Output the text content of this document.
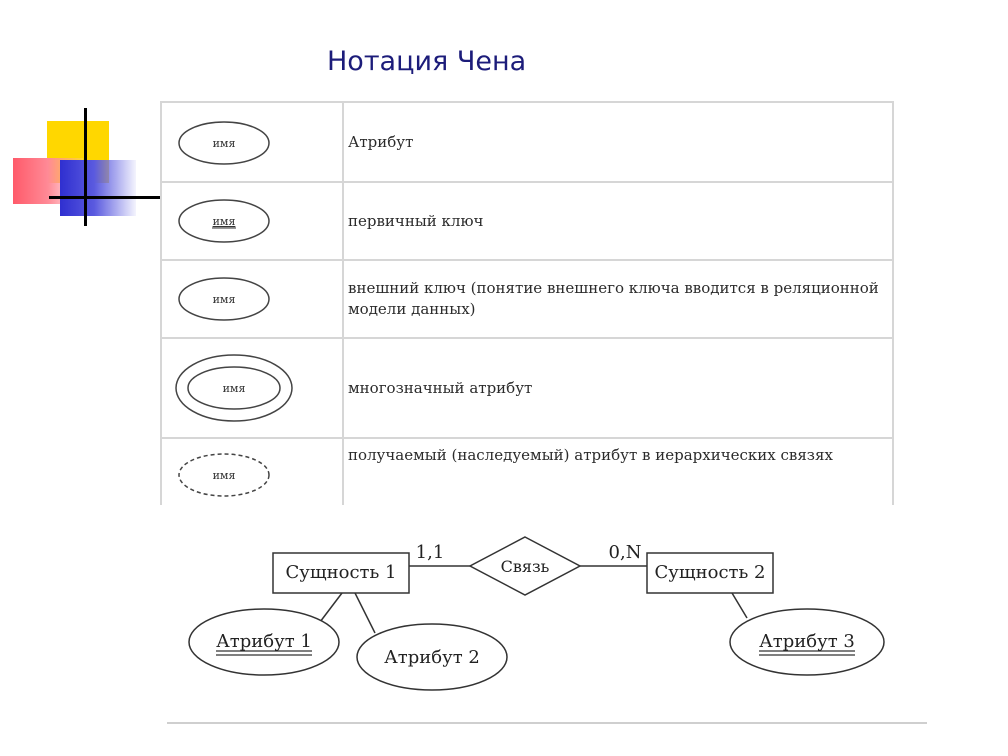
Нотация Чена
имя	Атрибут

имя	первичный ключ

имя	внешний ключ (понятие внешнего ключа вводится в реляционной модели данных)

имя	многозначный атрибут

имя	получаемый (наследуемый) атрибут в иерархических связях
Сущность 1	Сущность 2
Связь
Атрибут 1
Атрибут 2
Атрибут 3
1,1	0,N
